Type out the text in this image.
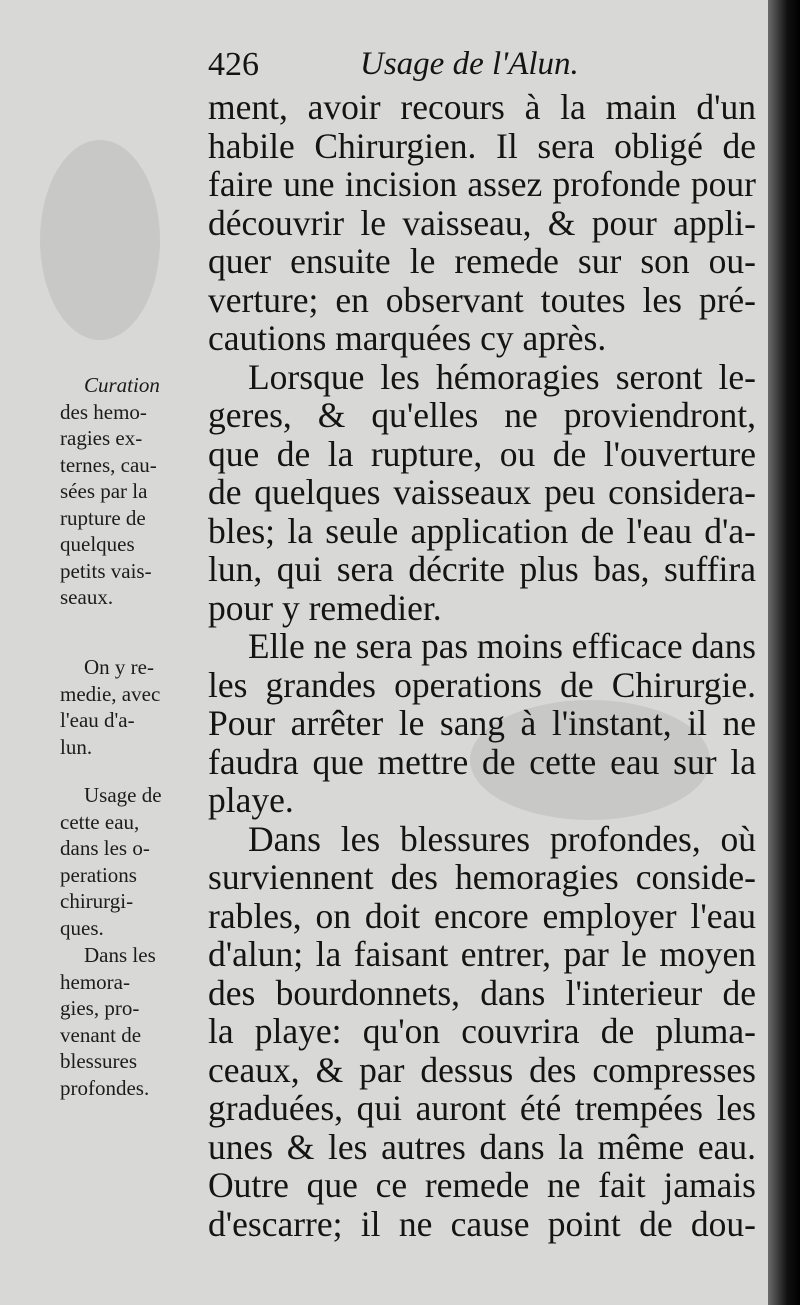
426	Usage de l'Alun.

ment, avoir recours à la main d'un

habile Chirurgien. Il sera obligé de

faire une incision assez profonde pour

découvrir le vaisseau, & pour appli-

quer ensuite le remede sur son ou-

verture; en observant toutes les pré-

cautions marquées cy après.

Lorsque les hémoragies seront le-

geres, & qu'elles ne proviendront,

que de la rupture, ou de l'ouverture

de quelques vaisseaux peu considera-

bles; la seule application de l'eau d'a-

lun, qui sera décrite plus bas, suffira

pour y remedier.

Elle ne sera pas moins efficace dans

les grandes operations de Chirurgie.

Pour arrêter le sang à l'instant, il ne

faudra que mettre de cette eau sur la

playe.

Dans les blessures profondes, où

surviennent des hemoragies conside-

rables, on doit encore employer l'eau

d'alun; la faisant entrer, par le moyen

des bourdonnets, dans l'interieur de

la playe: qu'on couvrira de pluma-

ceaux, & par dessus des compresses

graduées, qui auront été trempées les

unes & les autres dans la même eau.

Outre que ce remede ne fait jamais

d'escarre; il ne cause point de dou-

Curation
des hemo-
ragies ex-
ternes, cau-
sées par la
rupture de
quelques
petits vais-
seaux.
On y re-
medie, avec
l'eau d'a-
lun.
Usage de
cette eau,
dans les o-
perations
chirurgi-
ques.
Dans les
hemora-
gies, pro-
venant de
blessures
profondes.
